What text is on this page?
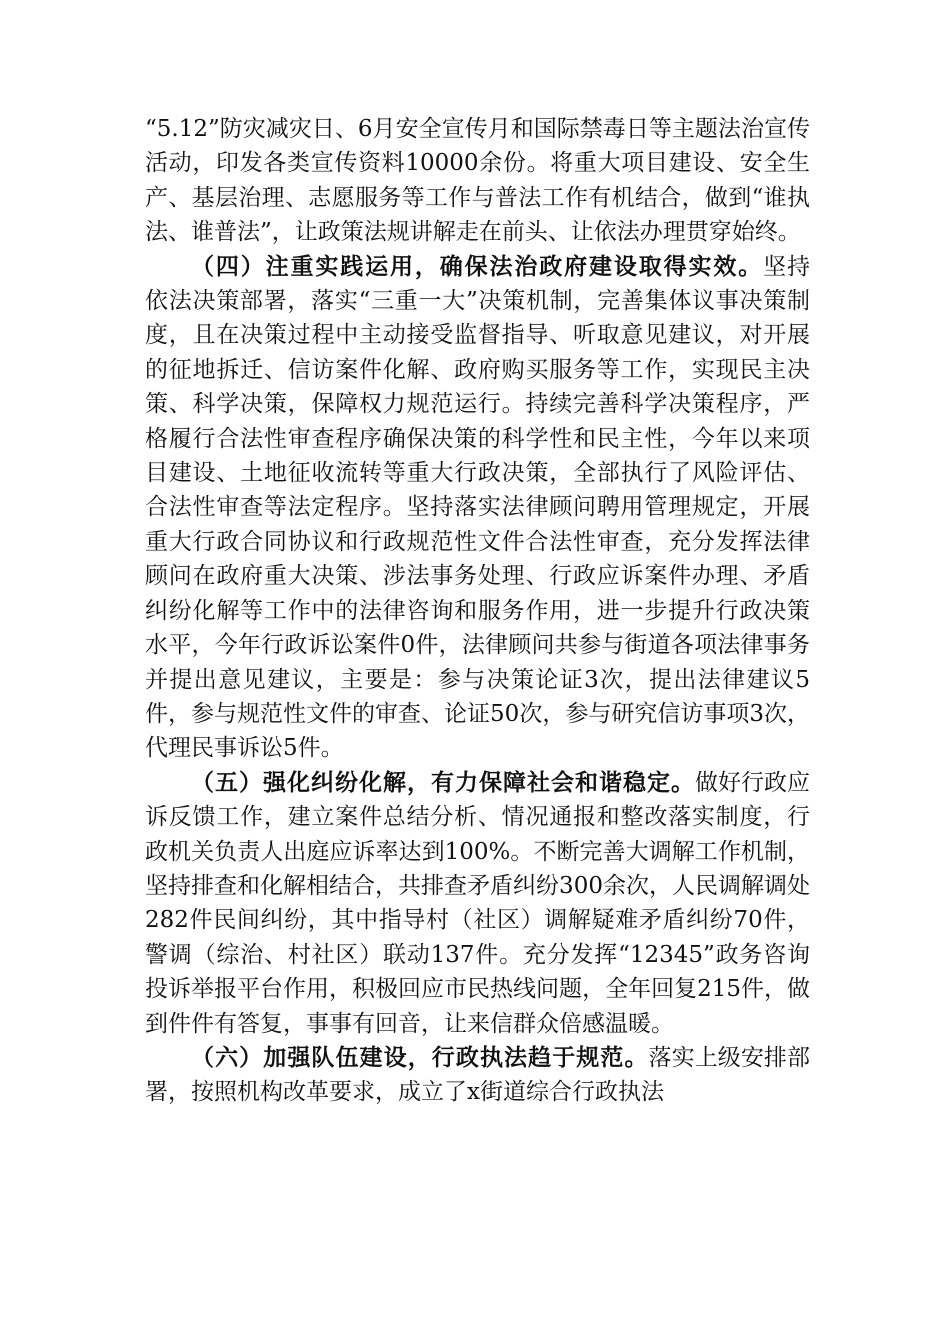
“5.12”防灾减灾日、6月安全宣传月和国际禁毒日等主题法治宣传活动，印发各类宣传资料10000余份。将重大项目建设、安全生产、基层治理、志愿服务等工作与普法工作有机结合，做到“谁执法、谁普法”，让政策法规讲解走在前头、让依法办理贯穿始终。

（四）注重实践运用，确保法治政府建设取得实效。坚持依法决策部署，落实“三重一大”决策机制，完善集体议事决策制度，且在决策过程中主动接受监督指导、听取意见建议，对开展的征地拆迁、信访案件化解、政府购买服务等工作，实现民主决策、科学决策，保障权力规范运行。持续完善科学决策程序，严格履行合法性审查程序确保决策的科学性和民主性，今年以来项目建设、土地征收流转等重大行政决策，全部执行了风险评估、合法性审查等法定程序。坚持落实法律顾问聘用管理规定，开展重大行政合同协议和行政规范性文件合法性审查，充分发挥法律顾问在政府重大决策、涉法事务处理、行政应诉案件办理、矛盾纠纷化解等工作中的法律咨询和服务作用，进一步提升行政决策水平，今年行政诉讼案件0件，法律顾问共参与街道各项法律事务并提出意见建议，主要是：参与决策论证3次，提出法律建议5件，参与规范性文件的审查、论证50次，参与研究信访事项3次，代理民事诉讼5件。

（五）强化纠纷化解，有力保障社会和谐稳定。做好行政应诉反馈工作，建立案件总结分析、情况通报和整改落实制度，行政机关负责人出庭应诉率达到100%。不断完善大调解工作机制，坚持排查和化解相结合，共排查矛盾纠纷300余次，人民调解调处282件民间纠纷，其中指导村（社区）调解疑难矛盾纠纷70件，警调（综治、村社区）联动137件。充分发挥“12345”政务咨询投诉举报平台作用，积极回应市民热线问题，全年回复215件，做到件件有答复，事事有回音，让来信群众倍感温暖。

（六）加强队伍建设，行政执法趋于规范。落实上级安排部署，按照机构改革要求，成立了x街道综合行政执法
